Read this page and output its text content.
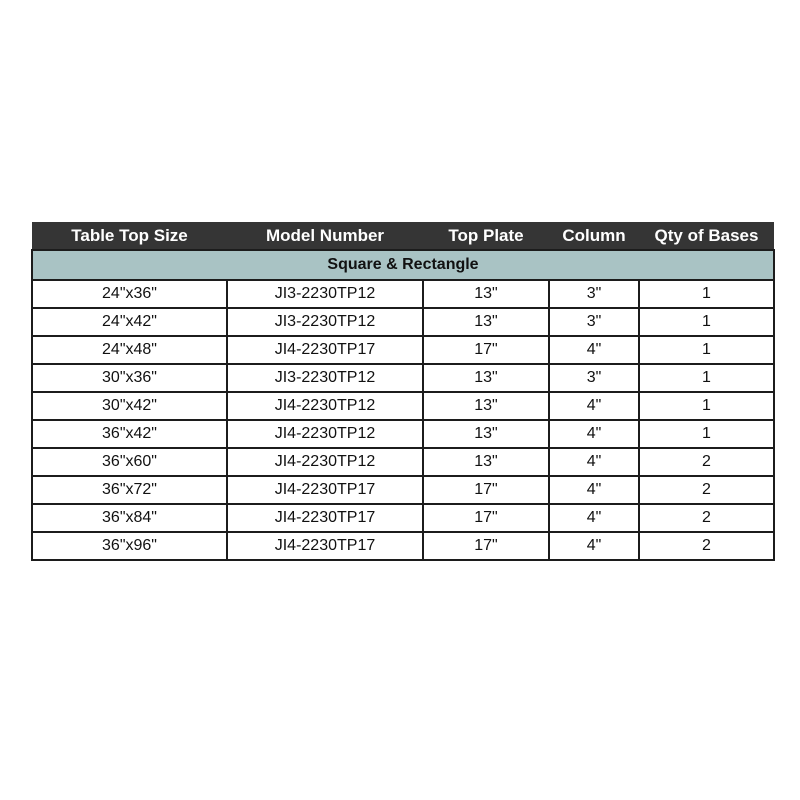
Table Top Size	Model Number	Top Plate	Column	Qty of Bases
Square & Rectangle				
24"x36"	JI3-2230TP12	13"	3"	1
24"x42"	JI3-2230TP12	13"	3"	1
24"x48"	JI4-2230TP17	17"	4"	1
30"x36"	JI3-2230TP12	13"	3"	1
30"x42"	JI4-2230TP12	13"	4"	1
36"x42"	JI4-2230TP12	13"	4"	1
36"x60"	JI4-2230TP12	13"	4"	2
36"x72"	JI4-2230TP17	17"	4"	2
36"x84"	JI4-2230TP17	17"	4"	2
36"x96"	JI4-2230TP17	17"	4"	2
